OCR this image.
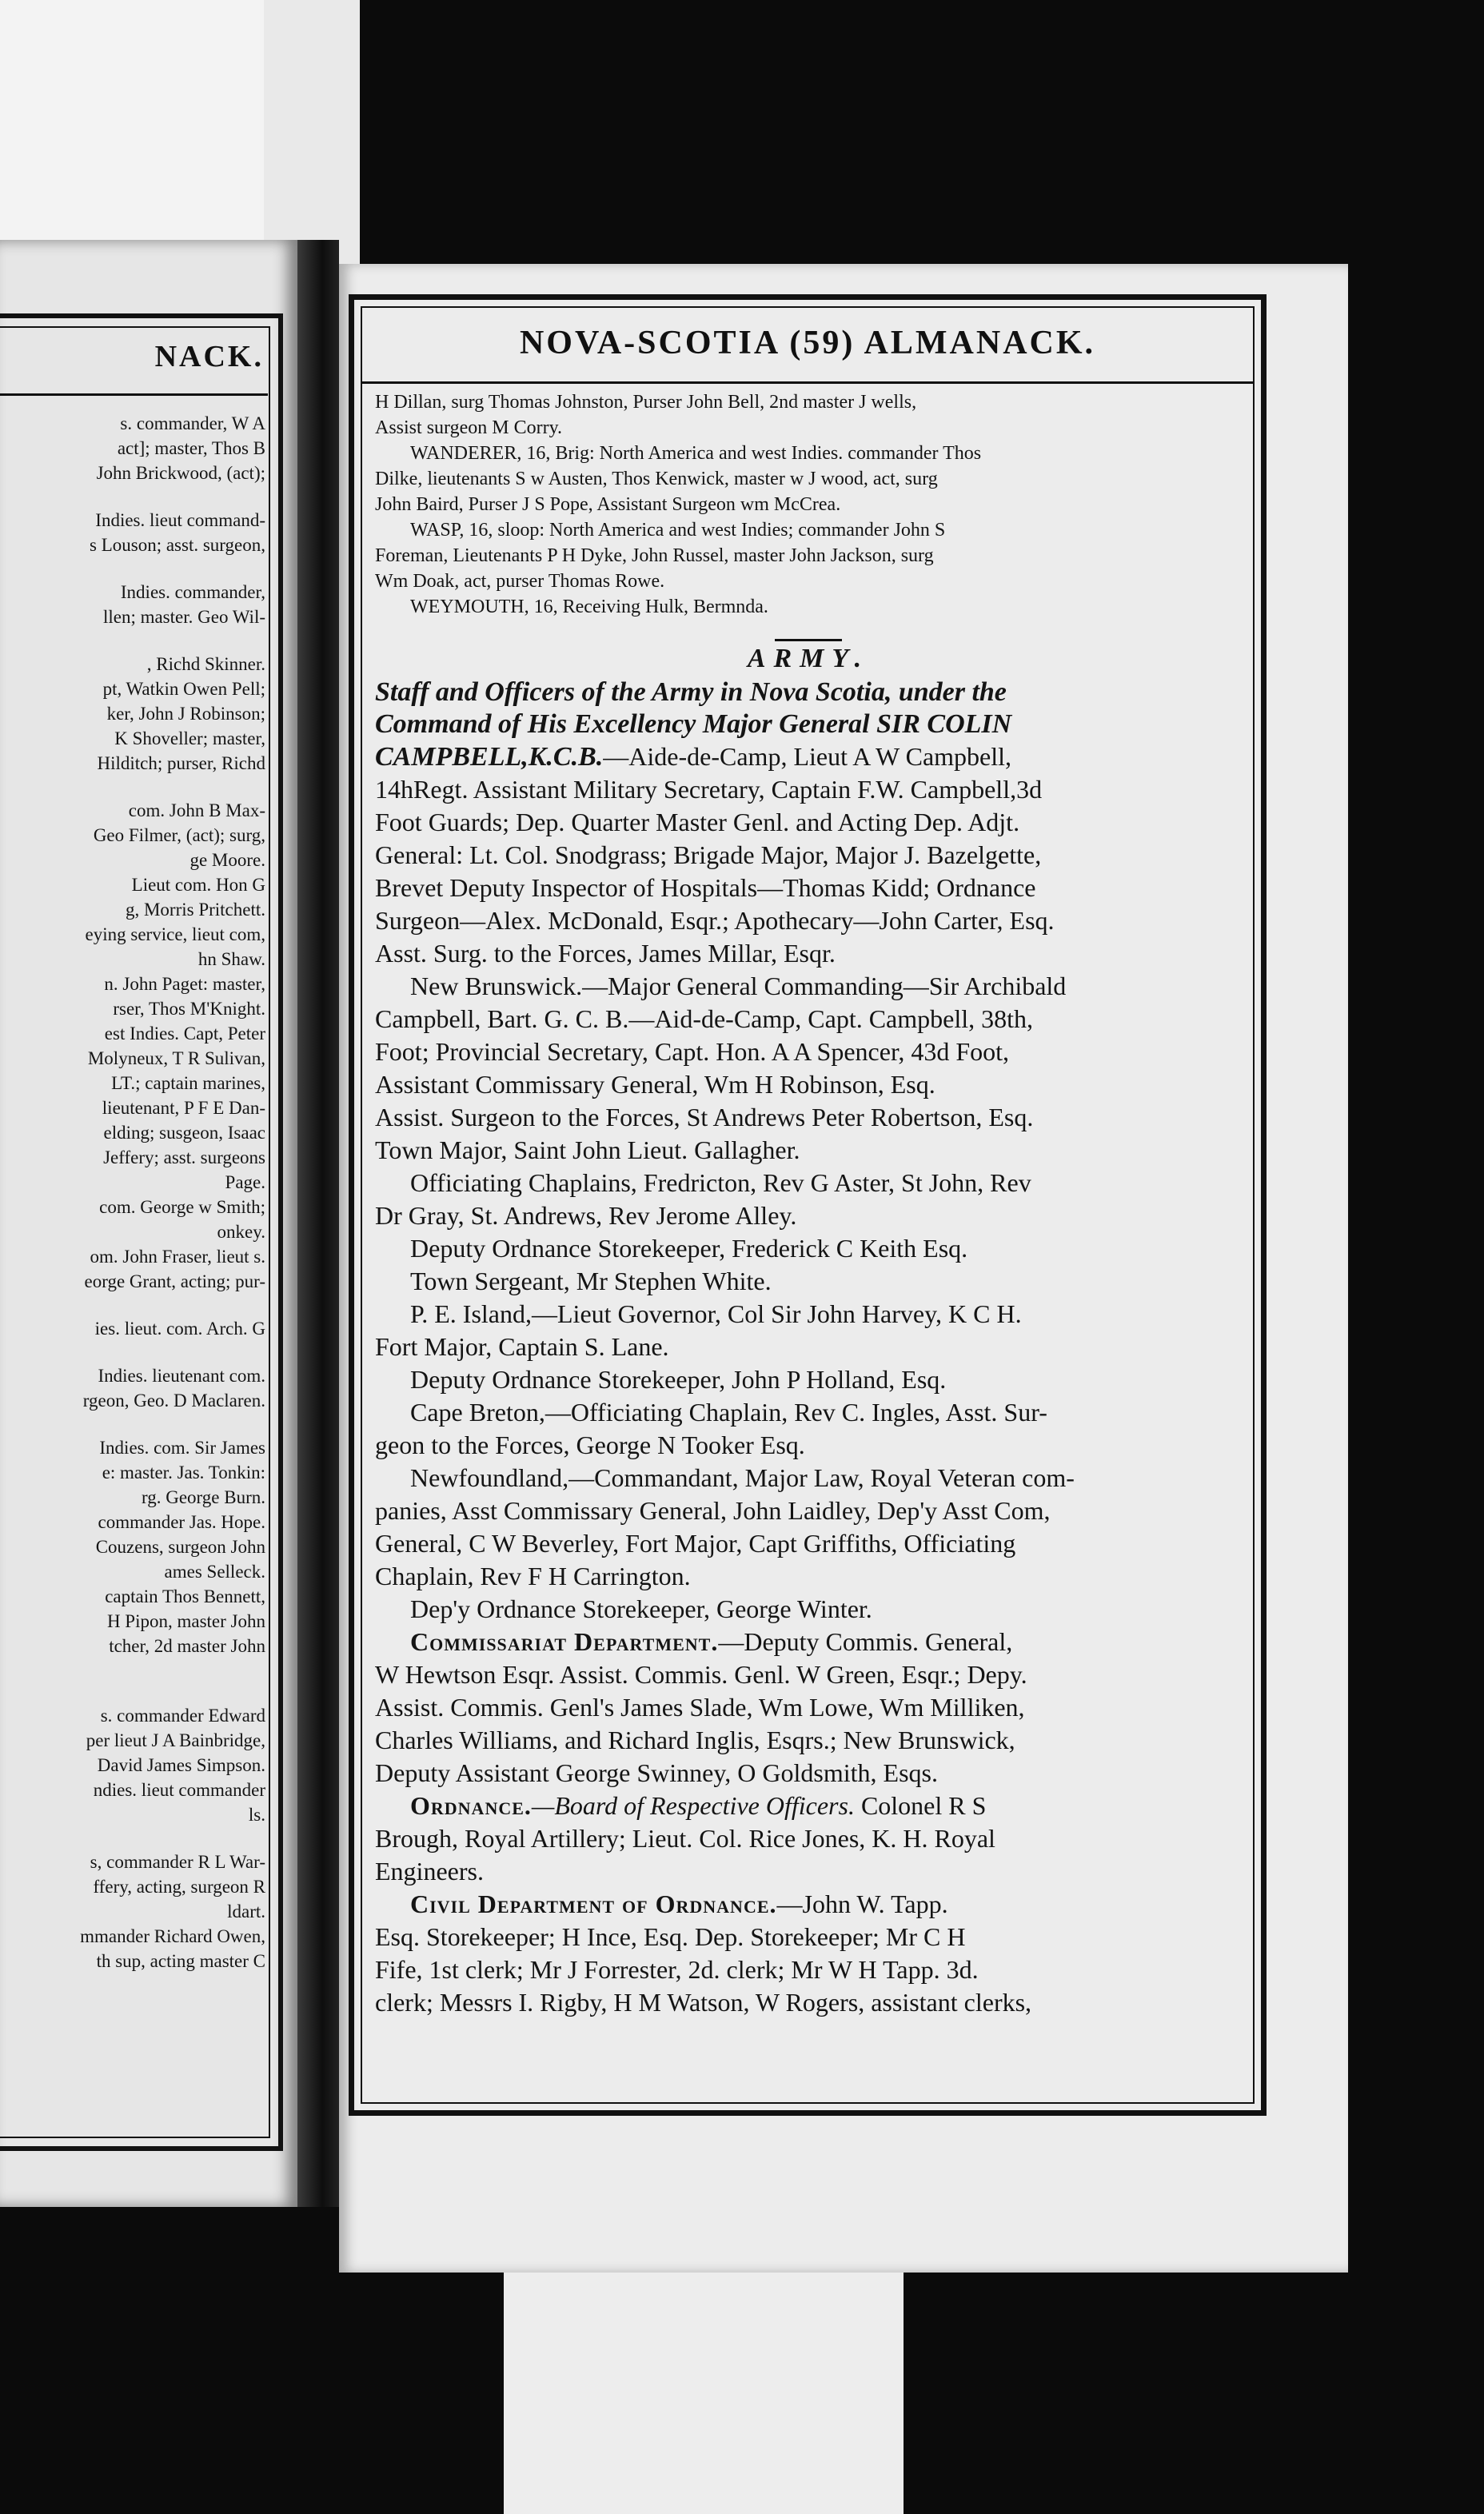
NACK.
s. commander, W A
act]; master, Thos B
John Brickwood, (act);
Indies. lieut command-
s Louson; asst. surgeon,
Indies. commander,
llen; master. Geo Wil-
, Richd Skinner.
pt, Watkin Owen Pell;
ker, John J Robinson;
K Shoveller; master,
Hilditch; purser, Richd
com. John B Max-
Geo Filmer, (act); surg,
ge Moore.
Lieut com. Hon G
g, Morris Pritchett.
eying service, lieut com,
hn Shaw.
n. John Paget: master,
rser, Thos M'Knight.
est Indies. Capt, Peter
Molyneux, T R Sulivan,
LT.; captain marines,
lieutenant, P F E Dan-
elding; susgeon, Isaac
Jeffery; asst. surgeons
Page.
com. George w Smith;
onkey.
om. John Fraser, lieut s.
eorge Grant, acting; pur-
ies. lieut. com. Arch. G
Indies. lieutenant com.
rgeon, Geo. D Maclaren.
Indies. com. Sir James
e: master. Jas. Tonkin:
rg. George Burn.
commander Jas. Hope.
Couzens, surgeon John
ames Selleck.
captain Thos Bennett,
H Pipon, master John
tcher, 2d master John
s. commander Edward
per lieut J A Bainbridge,
David James Simpson.
ndies. lieut commander
ls.
s, commander R L War-
ffery, acting, surgeon R
ldart.
mmander Richard Owen,
th sup, acting master C
NOVA-SCOTIA (59) ALMANACK.
H Dillan, surg Thomas Johnston, Purser John Bell, 2nd master J wells,
Assist surgeon M Corry.
WANDERER, 16, Brig: North America and west Indies. commander Thos
Dilke, lieutenants S w Austen, Thos Kenwick, master w J wood, act, surg
John Baird, Purser J S Pope, Assistant Surgeon wm McCrea.
WASP, 16, sloop: North America and west Indies; commander John S
Foreman, Lieutenants P H Dyke, John Russel, master John Jackson, surg
Wm Doak, act, purser Thomas Rowe.
WEYMOUTH, 16, Receiving Hulk, Bermnda.
ARMY.
Staff and Officers of the Army in Nova Scotia, under the
Command of His Excellency Major General SIR COLIN
CAMPBELL,K.C.B.—Aide-de-Camp, Lieut A W Campbell,
14hRegt. Assistant Military Secretary, Captain F.W. Campbell,3d
Foot Guards; Dep. Quarter Master Genl. and Acting Dep. Adjt.
General: Lt. Col. Snodgrass; Brigade Major, Major J. Bazelgette,
Brevet Deputy Inspector of Hospitals—Thomas Kidd; Ordnance
Surgeon—Alex. McDonald, Esqr.; Apothecary—John Carter, Esq.
Asst. Surg. to the Forces, James Millar, Esqr.
New Brunswick.—Major General Commanding—Sir Archibald
Campbell, Bart. G. C. B.—Aid-de-Camp, Capt. Campbell, 38th,
Foot; Provincial Secretary, Capt. Hon. A A Spencer, 43d Foot,
Assistant Commissary General, Wm H Robinson, Esq.
Assist. Surgeon to the Forces, St Andrews Peter Robertson, Esq.
Town Major, Saint John Lieut. Gallagher.
Officiating Chaplains, Fredricton, Rev G Aster, St John, Rev
Dr Gray, St. Andrews, Rev Jerome Alley.
Deputy Ordnance Storekeeper, Frederick C Keith Esq.
Town Sergeant, Mr Stephen White.
P. E. Island,—Lieut Governor, Col Sir John Harvey, K C H.
Fort Major, Captain S. Lane.
Deputy Ordnance Storekeeper, John P Holland, Esq.
Cape Breton,—Officiating Chaplain, Rev C. Ingles, Asst. Sur-
geon to the Forces, George N Tooker Esq.
Newfoundland,—Commandant, Major Law, Royal Veteran com-
panies, Asst Commissary General, John Laidley, Dep'y Asst Com,
General, C W Beverley, Fort Major, Capt Griffiths, Officiating
Chaplain, Rev F H Carrington.
Dep'y Ordnance Storekeeper, George Winter.
Commissariat Department.—Deputy Commis. General,
W Hewtson Esqr. Assist. Commis. Genl. W Green, Esqr.; Depy.
Assist. Commis. Genl's James Slade, Wm Lowe, Wm Milliken,
Charles Williams, and Richard Inglis, Esqrs.; New Brunswick,
Deputy Assistant George Swinney, O Goldsmith, Esqs.
Ordnance.—Board of Respective Officers. Colonel R S
Brough, Royal Artillery; Lieut. Col. Rice Jones, K. H. Royal
Engineers.
Civil Department of Ordnance.—John W. Tapp.
Esq. Storekeeper; H Ince, Esq. Dep. Storekeeper; Mr C H
Fife, 1st clerk; Mr J Forrester, 2d. clerk; Mr W H Tapp. 3d.
clerk; Messrs I. Rigby, H M Watson, W Rogers, assistant clerks,
